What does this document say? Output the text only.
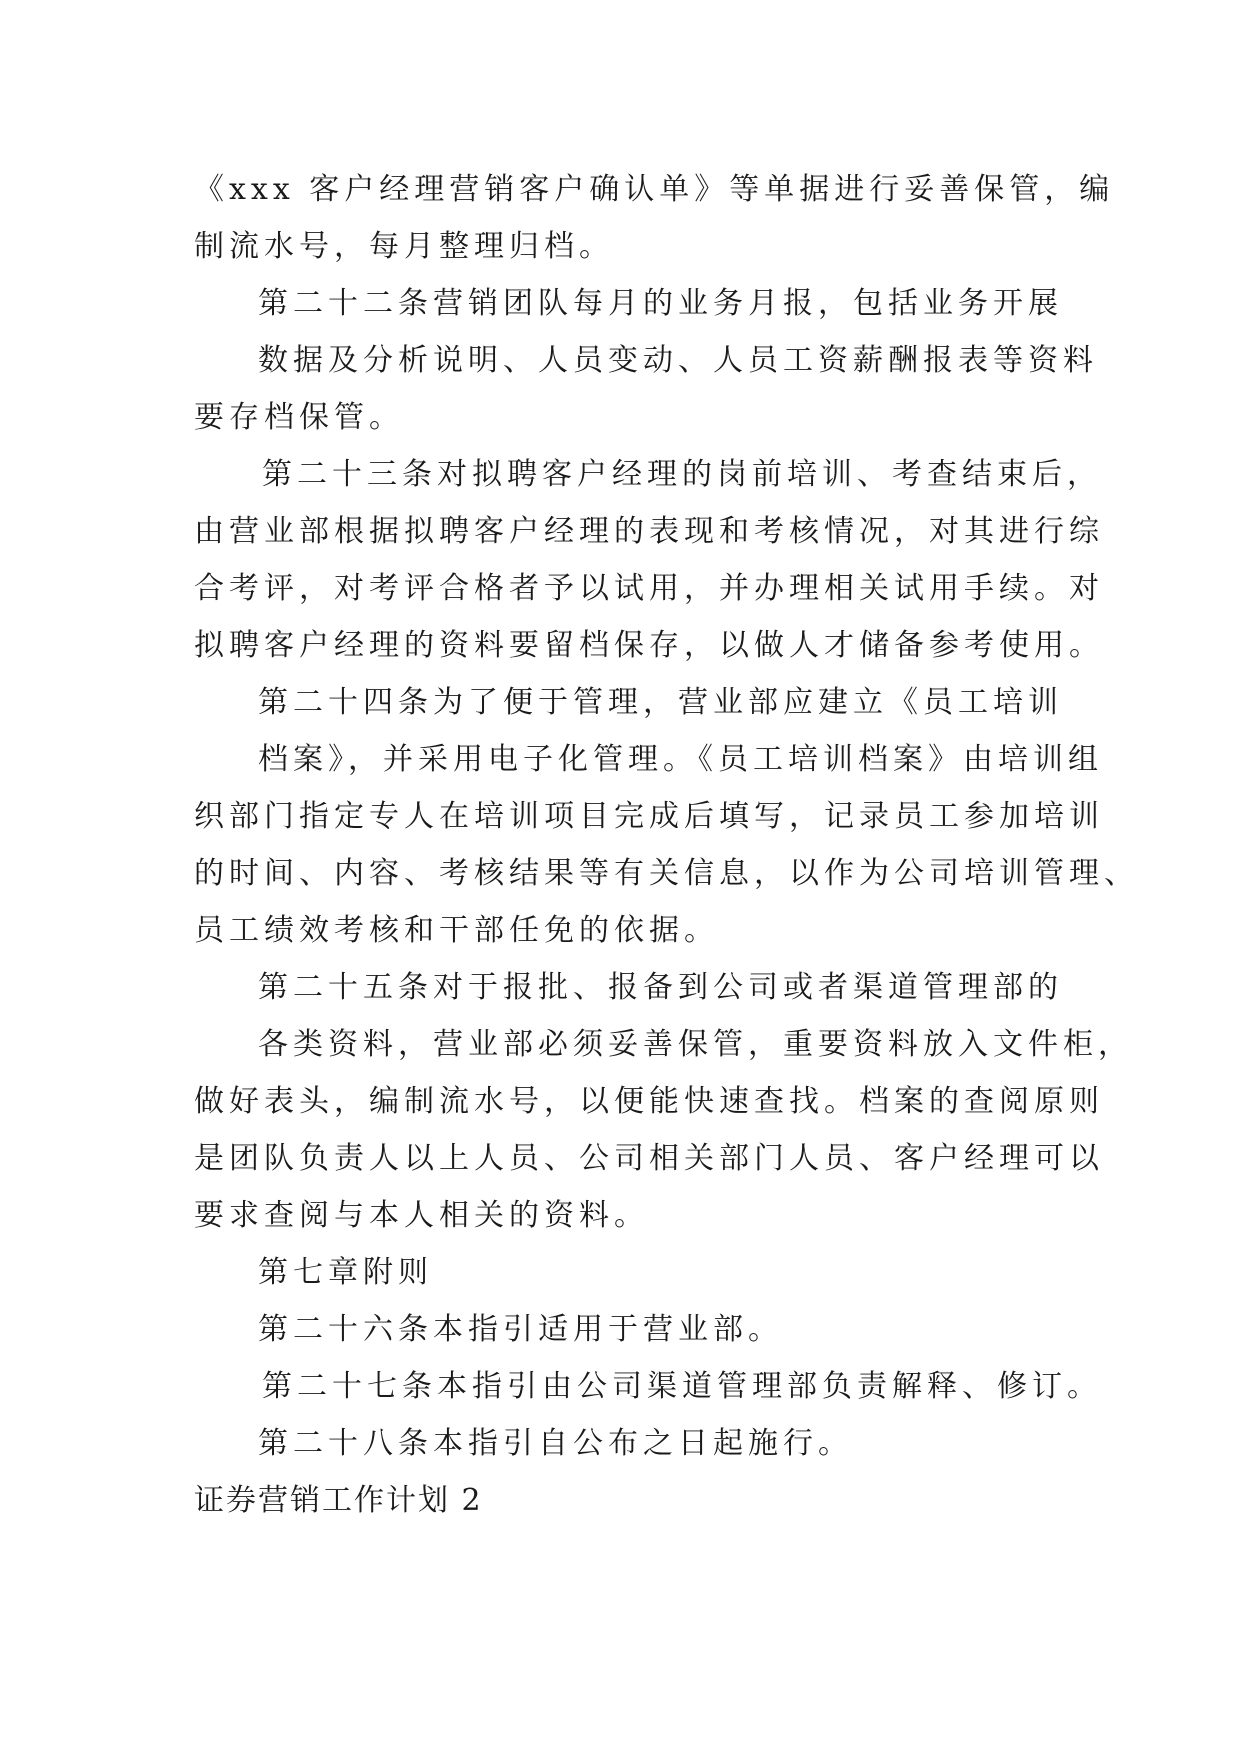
《xxx 客户经理营销客户确认单》等单据进行妥善保管，编
制流水号，每月整理归档。
第二十二条营销团队每月的业务月报，包括业务开展
数据及分析说明、人员变动、人员工资薪酬报表等资料
要存档保管。
第二十三条对拟聘客户经理的岗前培训、考查结束后，
由营业部根据拟聘客户经理的表现和考核情况，对其进行综
合考评，对考评合格者予以试用，并办理相关试用手续。对
拟聘客户经理的资料要留档保存，以做人才储备参考使用。
第二十四条为了便于管理，营业部应建立《员工培训
档案》，并采用电子化管理。《员工培训档案》由培训组
织部门指定专人在培训项目完成后填写，记录员工参加培训
的时间、内容、考核结果等有关信息，以作为公司培训管理、
员工绩效考核和干部任免的依据。
第二十五条对于报批、报备到公司或者渠道管理部的
各类资料，营业部必须妥善保管，重要资料放入文件柜，
做好表头，编制流水号，以便能快速查找。档案的查阅原则
是团队负责人以上人员、公司相关部门人员、客户经理可以
要求查阅与本人相关的资料。
第七章附则
第二十六条本指引适用于营业部。
第二十七条本指引由公司渠道管理部负责解释、修订。
第二十八条本指引自公布之日起施行。
证券营销工作计划 2
